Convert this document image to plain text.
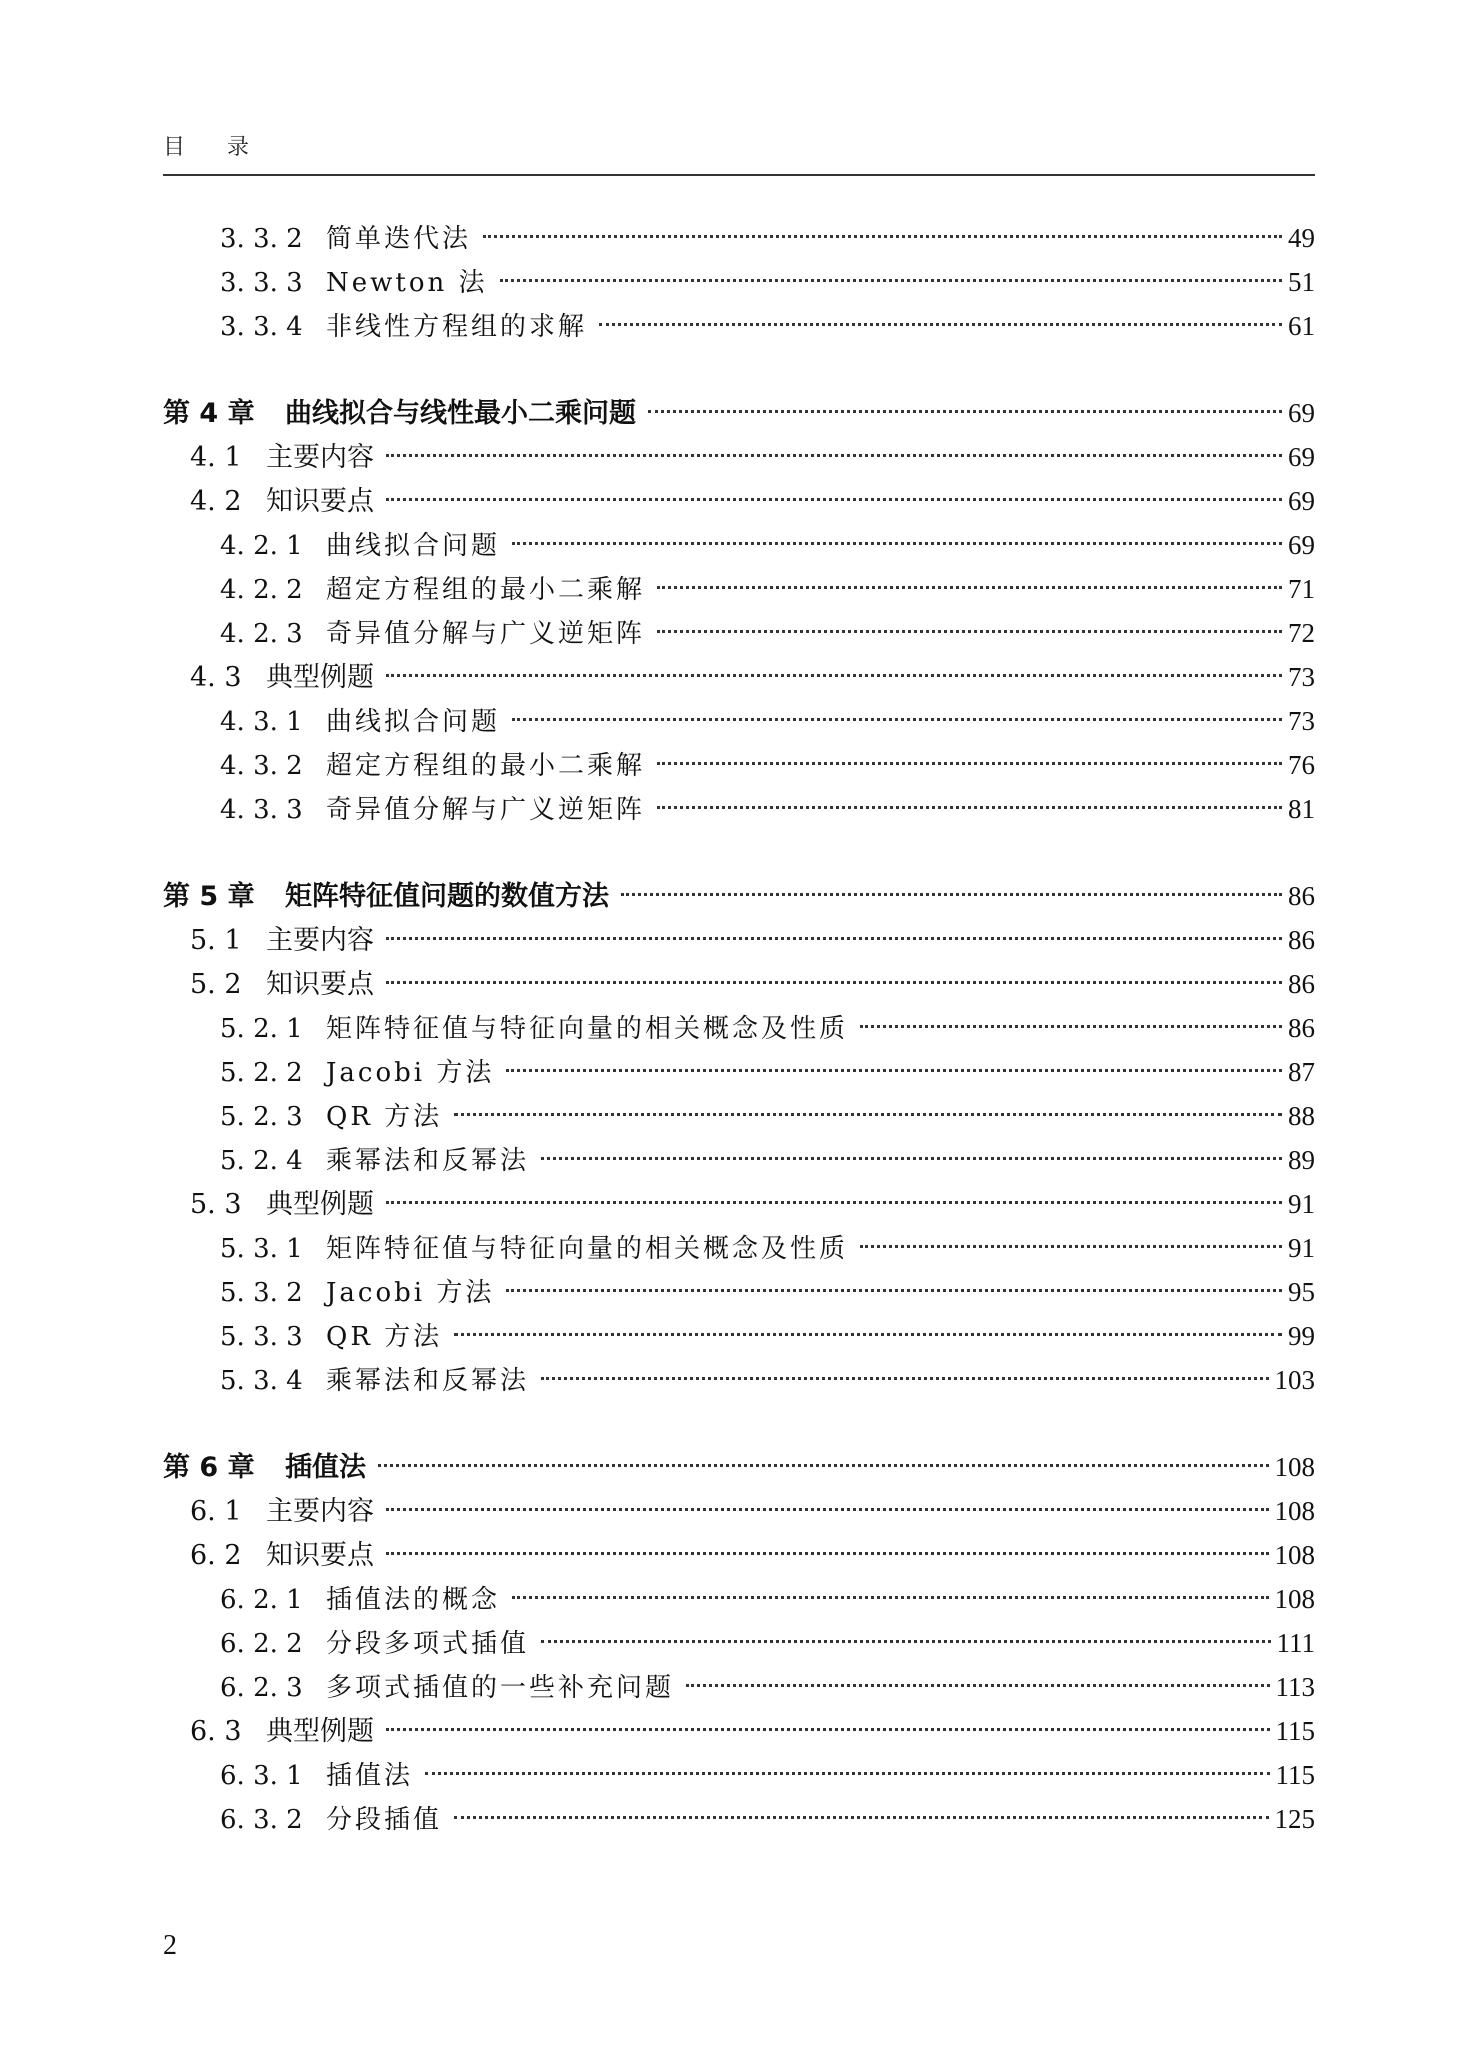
目 录
3. 3. 2 简单迭代法	49
3. 3. 3 Newton 法	51
3. 3. 4 非线性方程组的求解	61
第 4 章	曲线拟合与线性最小二乘问题	69
4. 1 主要内容	69
4. 2 知识要点	69
4. 2. 1 曲线拟合问题	69
4. 2. 2 超定方程组的最小二乘解	71
4. 2. 3 奇异值分解与广义逆矩阵	72
4. 3 典型例题	73
4. 3. 1 曲线拟合问题	73
4. 3. 2 超定方程组的最小二乘解	76
4. 3. 3 奇异值分解与广义逆矩阵	81
第 5 章	矩阵特征值问题的数值方法	86
5. 1 主要内容	86
5. 2 知识要点	86
5. 2. 1 矩阵特征值与特征向量的相关概念及性质	86
5. 2. 2 Jacobi 方法	87
5. 2. 3 QR 方法	88
5. 2. 4 乘幂法和反幂法	89
5. 3 典型例题	91
5. 3. 1 矩阵特征值与特征向量的相关概念及性质	91
5. 3. 2 Jacobi 方法	95
5. 3. 3 QR 方法	99
5. 3. 4 乘幂法和反幂法	103
第 6 章	插值法	108
6. 1 主要内容	108
6. 2 知识要点	108
6. 2. 1 插值法的概念	108
6. 2. 2 分段多项式插值	111
6. 2. 3 多项式插值的一些补充问题	113
6. 3 典型例题	115
6. 3. 1 插值法	115
6. 3. 2 分段插值	125
2
